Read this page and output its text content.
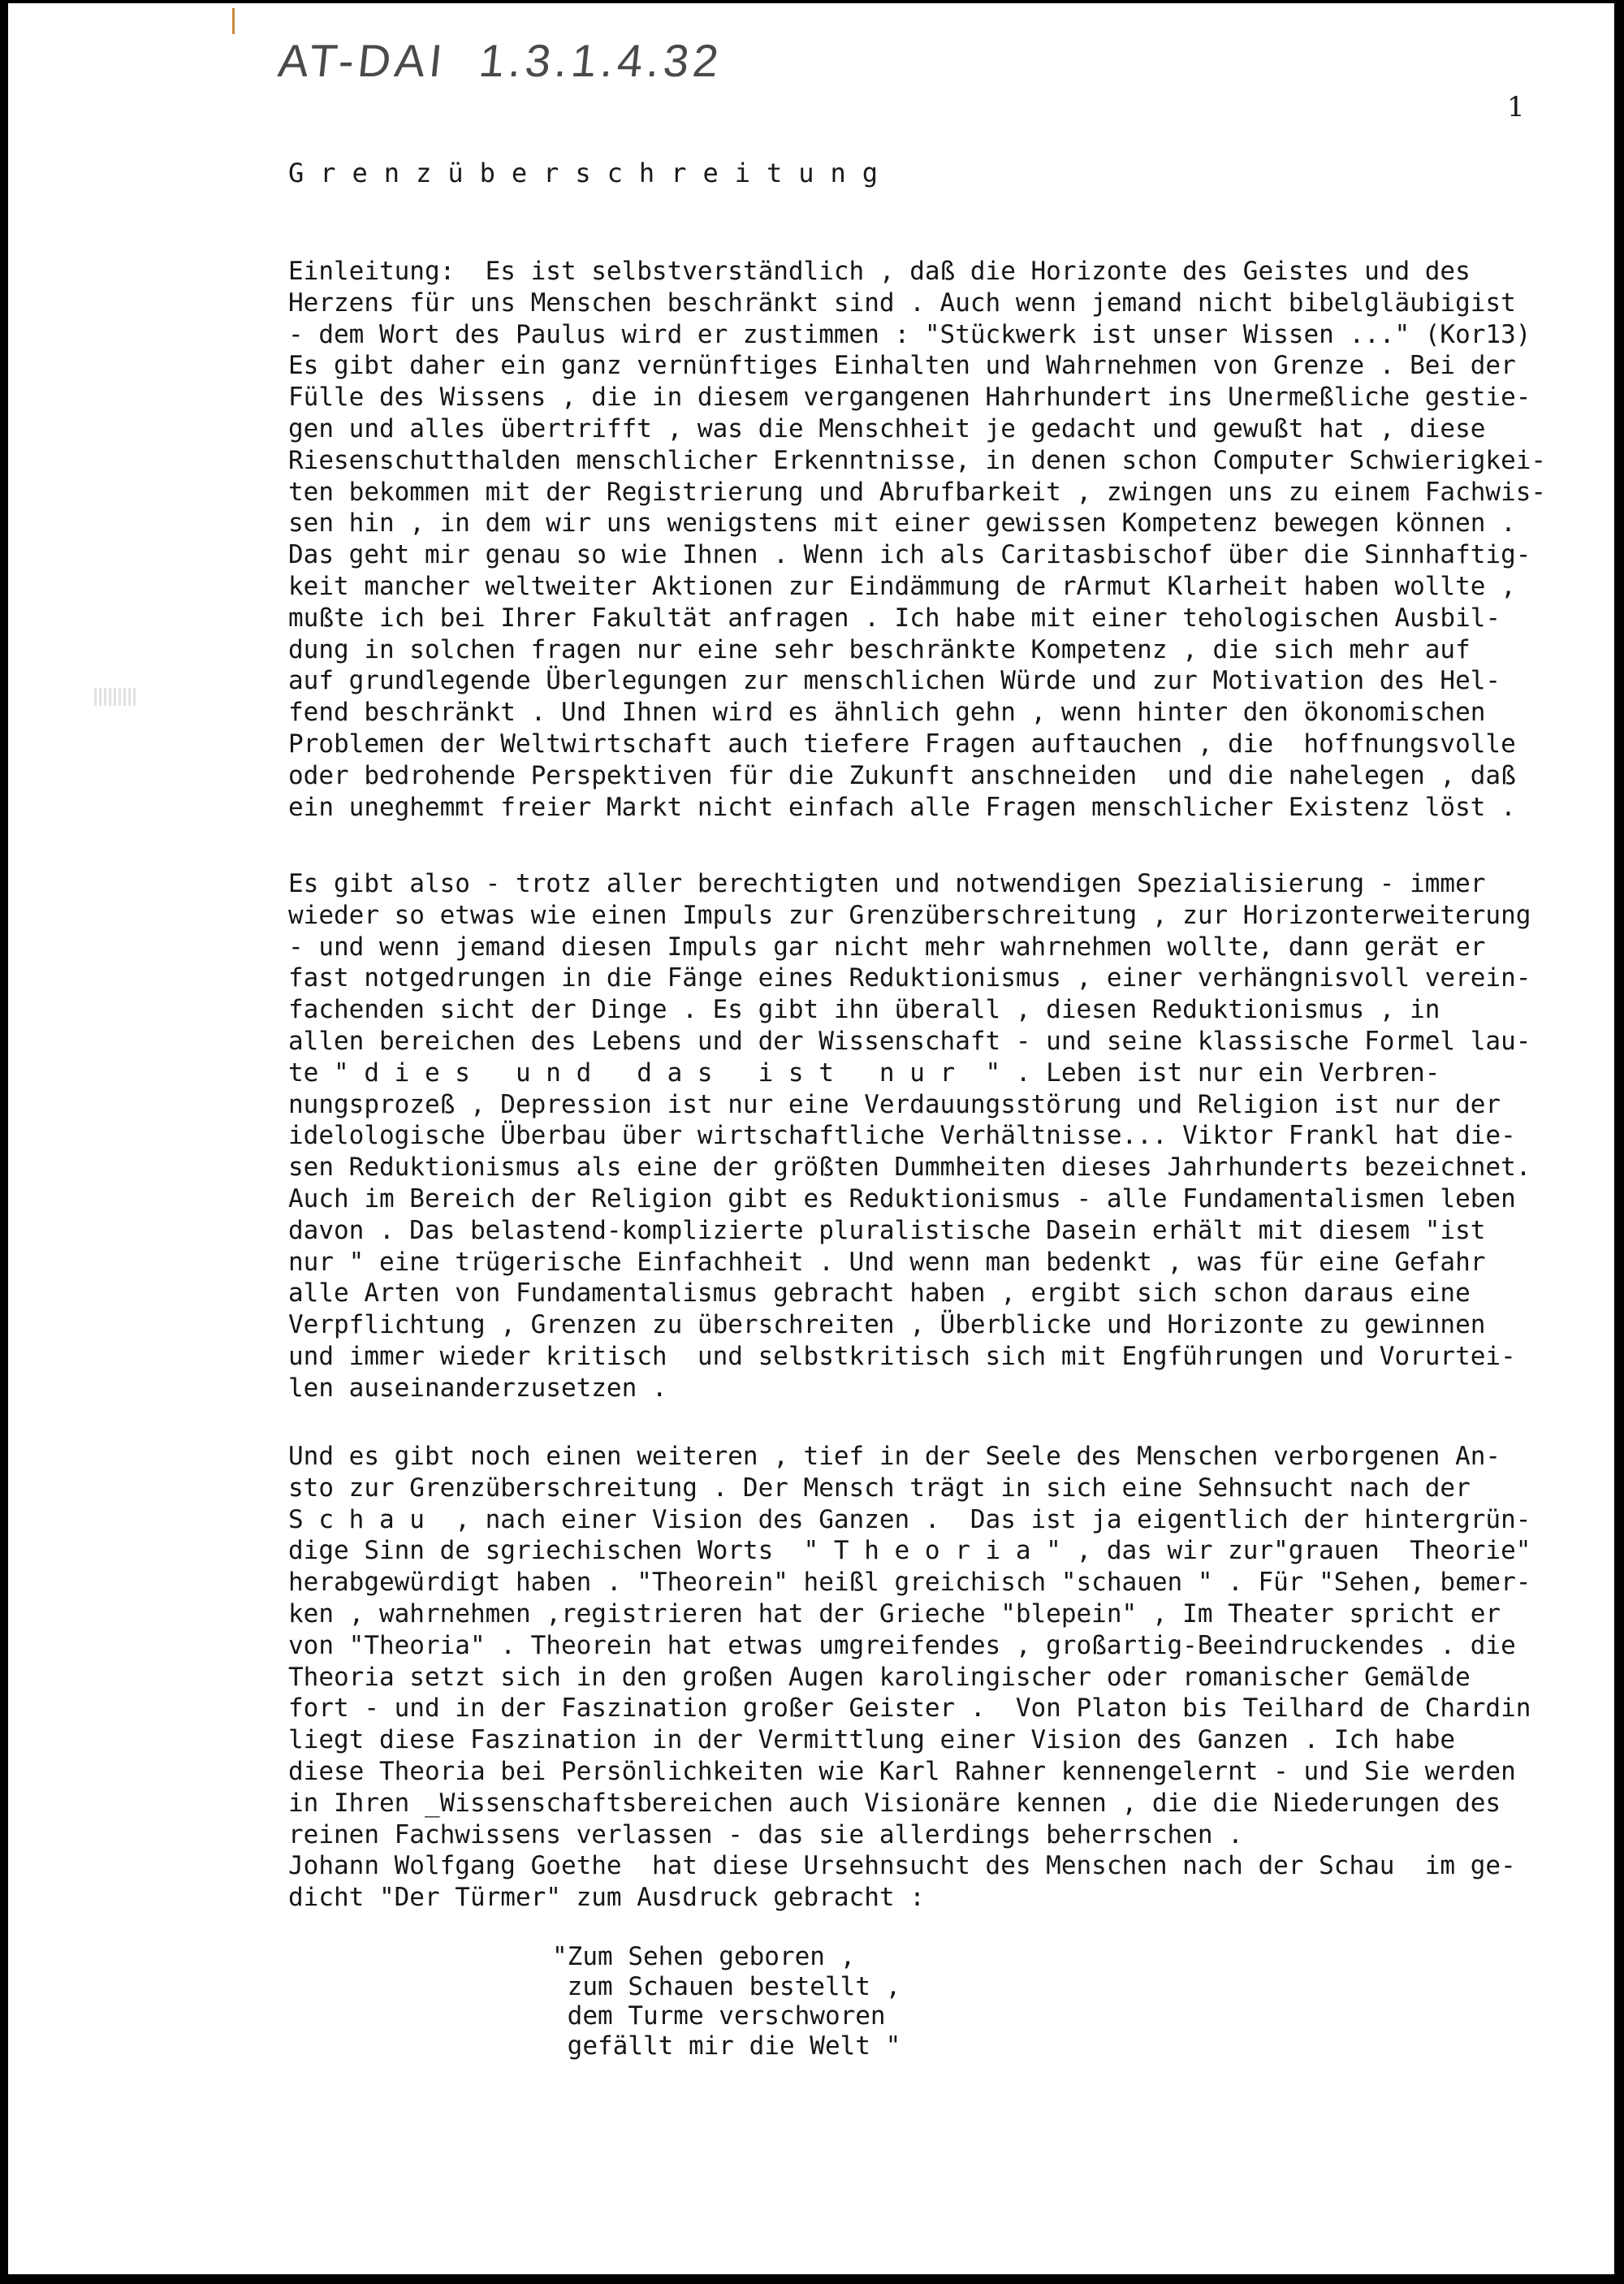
AT-DAI  1.3.1.4.32
1
Grenzüberschreitung
Einleitung:  Es ist selbstverständlich , daß die Horizonte des Geistes und des
Herzens für uns Menschen beschränkt sind . Auch wenn jemand nicht bibelgläubigist
- dem Wort des Paulus wird er zustimmen : "Stückwerk ist unser Wissen ..." (Kor13)
Es gibt daher ein ganz vernünftiges Einhalten und Wahrnehmen von Grenze . Bei der
Fülle des Wissens , die in diesem vergangenen Hahrhundert ins Unermeßliche gestie-
gen und alles übertrifft , was die Menschheit je gedacht und gewußt hat , diese
Riesenschutthalden menschlicher Erkenntnisse, in denen schon Computer Schwierigkei-
ten bekommen mit der Registrierung und Abrufbarkeit , zwingen uns zu einem Fachwis-
sen hin , in dem wir uns wenigstens mit einer gewissen Kompetenz bewegen können .
Das geht mir genau so wie Ihnen . Wenn ich als Caritasbischof über die Sinnhaftig-
keit mancher weltweiter Aktionen zur Eindämmung de rArmut Klarheit haben wollte ,
mußte ich bei Ihrer Fakultät anfragen . Ich habe mit einer tehologischen Ausbil-
dung in solchen fragen nur eine sehr beschränkte Kompetenz , die sich mehr auf
auf grundlegende Überlegungen zur menschlichen Würde und zur Motivation des Hel-
fend beschränkt . Und Ihnen wird es ähnlich gehn , wenn hinter den ökonomischen
Problemen der Weltwirtschaft auch tiefere Fragen auftauchen , die  hoffnungsvolle
oder bedrohende Perspektiven für die Zukunft anschneiden  und die nahelegen , daß
ein uneghemmt freier Markt nicht einfach alle Fragen menschlicher Existenz löst .
Es gibt also - trotz aller berechtigten und notwendigen Spezialisierung - immer
wieder so etwas wie einen Impuls zur Grenzüberschreitung , zur Horizonterweiterung
- und wenn jemand diesen Impuls gar nicht mehr wahrnehmen wollte, dann gerät er
fast notgedrungen in die Fänge eines Reduktionismus , einer verhängnisvoll verein-
fachenden sicht der Dinge . Es gibt ihn überall , diesen Reduktionismus , in
allen bereichen des Lebens und der Wissenschaft - und seine klassische Formel lau-
te " d i e s   u n d   d a s   i s t   n u r  " . Leben ist nur ein Verbren-
nungsprozeß , Depression ist nur eine Verdauungsstörung und Religion ist nur der
idelologische Überbau über wirtschaftliche Verhältnisse... Viktor Frankl hat die-
sen Reduktionismus als eine der größten Dummheiten dieses Jahrhunderts bezeichnet.
Auch im Bereich der Religion gibt es Reduktionismus - alle Fundamentalismen leben
davon . Das belastend-komplizierte pluralistische Dasein erhält mit diesem "ist
nur " eine trügerische Einfachheit . Und wenn man bedenkt , was für eine Gefahr
alle Arten von Fundamentalismus gebracht haben , ergibt sich schon daraus eine
Verpflichtung , Grenzen zu überschreiten , Überblicke und Horizonte zu gewinnen
und immer wieder kritisch  und selbstkritisch sich mit Engführungen und Vorurtei-
len auseinanderzusetzen .
Und es gibt noch einen weiteren , tief in der Seele des Menschen verborgenen An-
sto zur Grenzüberschreitung . Der Mensch trägt in sich eine Sehnsucht nach der
S c h a u  , nach einer Vision des Ganzen .  Das ist ja eigentlich der hintergrün-
dige Sinn de sgriechischen Worts  " T h e o r i a " , das wir zur"grauen  Theorie"
herabgewürdigt haben . "Theorein" heißl greichisch "schauen " . Für "Sehen, bemer-
ken , wahrnehmen ,registrieren hat der Grieche "blepein" , Im Theater spricht er
von "Theoria" . Theorein hat etwas umgreifendes , großartig-Beeindruckendes . die
Theoria setzt sich in den großen Augen karolingischer oder romanischer Gemälde
fort - und in der Faszination großer Geister .  Von Platon bis Teilhard de Chardin
liegt diese Faszination in der Vermittlung einer Vision des Ganzen . Ich habe
diese Theoria bei Persönlichkeiten wie Karl Rahner kennengelernt - und Sie werden
in Ihren _Wissenschaftsbereichen auch Visionäre kennen , die die Niederungen des
reinen Fachwissens verlassen - das sie allerdings beherrschen .
Johann Wolfgang Goethe  hat diese Ursehnsucht des Menschen nach der Schau  im ge-
dicht "Der Türmer" zum Ausdruck gebracht :
"Zum Sehen geboren ,
zum Schauen bestellt ,
dem Turme verschworen
gefällt mir die Welt "
